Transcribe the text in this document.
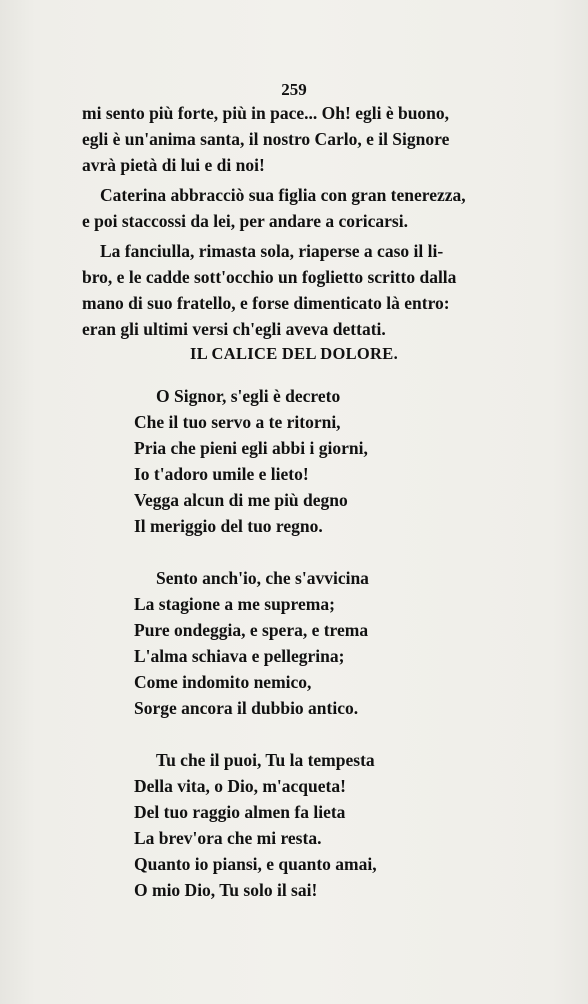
259

mi sento più forte, più in pace... Oh! egli è buono,
egli è un'anima santa, il nostro Carlo, e il Signore
avrà pietà di lui e di noi!

Caterina abbracciò sua figlia con gran tenerezza,
e poi staccossi da lei, per andare a coricarsi.

La fanciulla, rimasta sola, riaperse a caso il li-
bro, e le cadde sott'occhio un foglietto scritto dalla
mano di suo fratello, e forse dimenticato là entro:
eran gli ultimi versi ch'egli aveva dettati.

IL CALICE DEL DOLORE.
O Signor, s'egli è decreto
Che il tuo servo a te ritorni,
Pria che pieni egli abbi i giorni,
Io t'adoro umile e lieto!
Vegga alcun di me più degno
Il meriggio del tuo regno.
Sento anch'io, che s'avvicina
La stagione a me suprema;
Pure ondeggia, e spera, e trema
L'alma schiava e pellegrina;
Come indomito nemico,
Sorge ancora il dubbio antico.
Tu che il puoi, Tu la tempesta
Della vita, o Dio, m'acqueta!
Del tuo raggio almen fa lieta
La brev'ora che mi resta.
Quanto io piansi, e quanto amai,
O mio Dio, Tu solo il sai!
